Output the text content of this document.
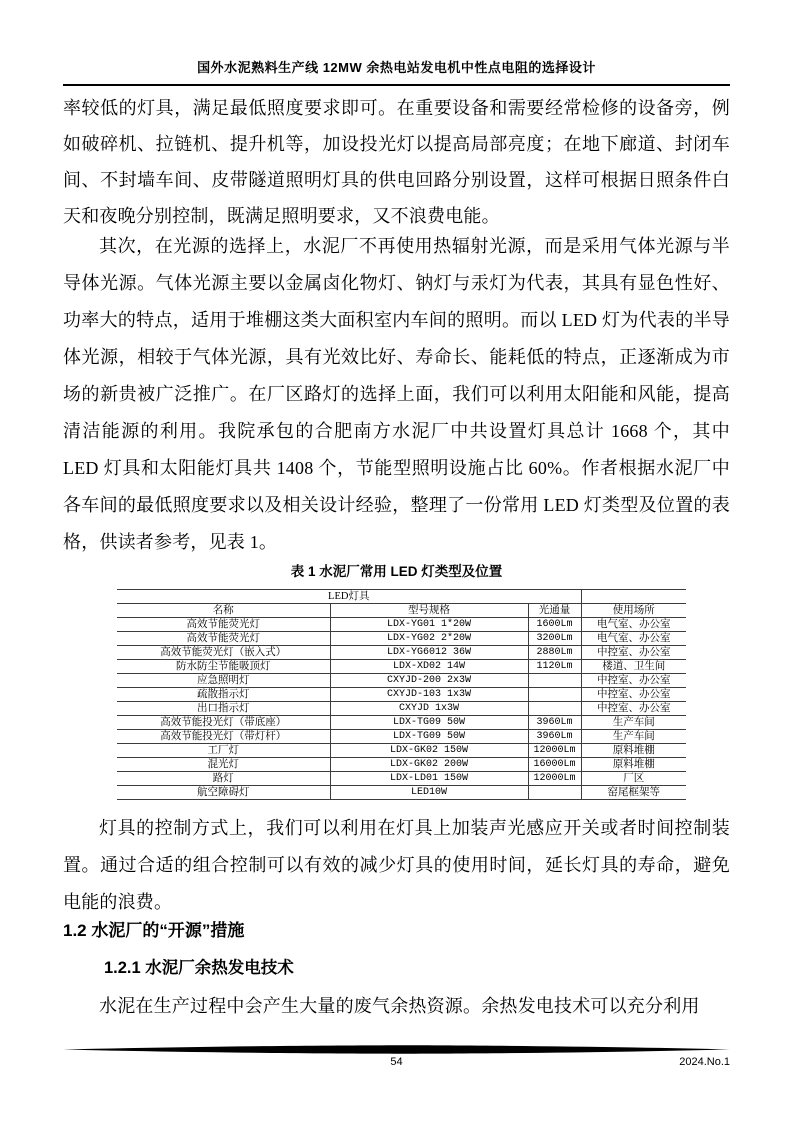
国外水泥熟料生产线 12MW 余热电站发电机中性点电阻的选择设计
率较低的灯具，满足最低照度要求即可。在重要设备和需要经常检修的设备旁，例如破碎机、拉链机、提升机等，加设投光灯以提高局部亮度；在地下廊道、封闭车间、不封墙车间、皮带隧道照明灯具的供电回路分别设置，这样可根据日照条件白天和夜晚分别控制，既满足照明要求，又不浪费电能。
其次，在光源的选择上，水泥厂不再使用热辐射光源，而是采用气体光源与半导体光源。气体光源主要以金属卤化物灯、钠灯与汞灯为代表，其具有显色性好、功率大的特点，适用于堆棚这类大面积室内车间的照明。而以 LED 灯为代表的半导体光源，相较于气体光源，具有光效比好、寿命长、能耗低的特点，正逐渐成为市场的新贵被广泛推广。在厂区路灯的选择上面，我们可以利用太阳能和风能，提高清洁能源的利用。我院承包的合肥南方水泥厂中共设置灯具总计 1668 个，其中 LED 灯具和太阳能灯具共 1408 个，节能型照明设施占比 60%。作者根据水泥厂中各车间的最低照度要求以及相关设计经验，整理了一份常用 LED 灯类型及位置的表格，供读者参考，见表 1。
表 1 水泥厂常用 LED 灯类型及位置
LED灯具			
名称	型号规格	光通量	使用场所
高效节能荧光灯	LDX-YG01 1*20W	1600Lm	电气室、办公室
高效节能荧光灯	LDX-YG02 2*20W	3200Lm	电气室、办公室
高效节能荧光灯（嵌入式）	LDX-YG6012 36W	2880Lm	中控室、办公室
防水防尘节能吸顶灯	LDX-XD02 14W	1120Lm	楼道、卫生间
应急照明灯	CXYJD-200 2x3W		中控室、办公室
疏散指示灯	CXYJD-103 1x3W		中控室、办公室
出口指示灯	CXYJD 1x3W		中控室、办公室
高效节能投光灯（带底座）	LDX-TG09 50W	3960Lm	生产车间
高效节能投光灯（带灯杆）	LDX-TG09 50W	3960Lm	生产车间
工厂灯	LDX-GK02 150W	12000Lm	原料堆棚
混光灯	LDX-GK02 200W	16000Lm	原料堆棚
路灯	LDX-LD01 150W	12000Lm	厂区
航空障碍灯	LED10W		窑尾框架等
灯具的控制方式上，我们可以利用在灯具上加装声光感应开关或者时间控制装置。通过合适的组合控制可以有效的减少灯具的使用时间，延长灯具的寿命，避免电能的浪费。
1.2 水泥厂的“开源”措施
1.2.1 水泥厂余热发电技术
水泥在生产过程中会产生大量的废气余热资源。余热发电技术可以充分利用
54	2024.No.1
